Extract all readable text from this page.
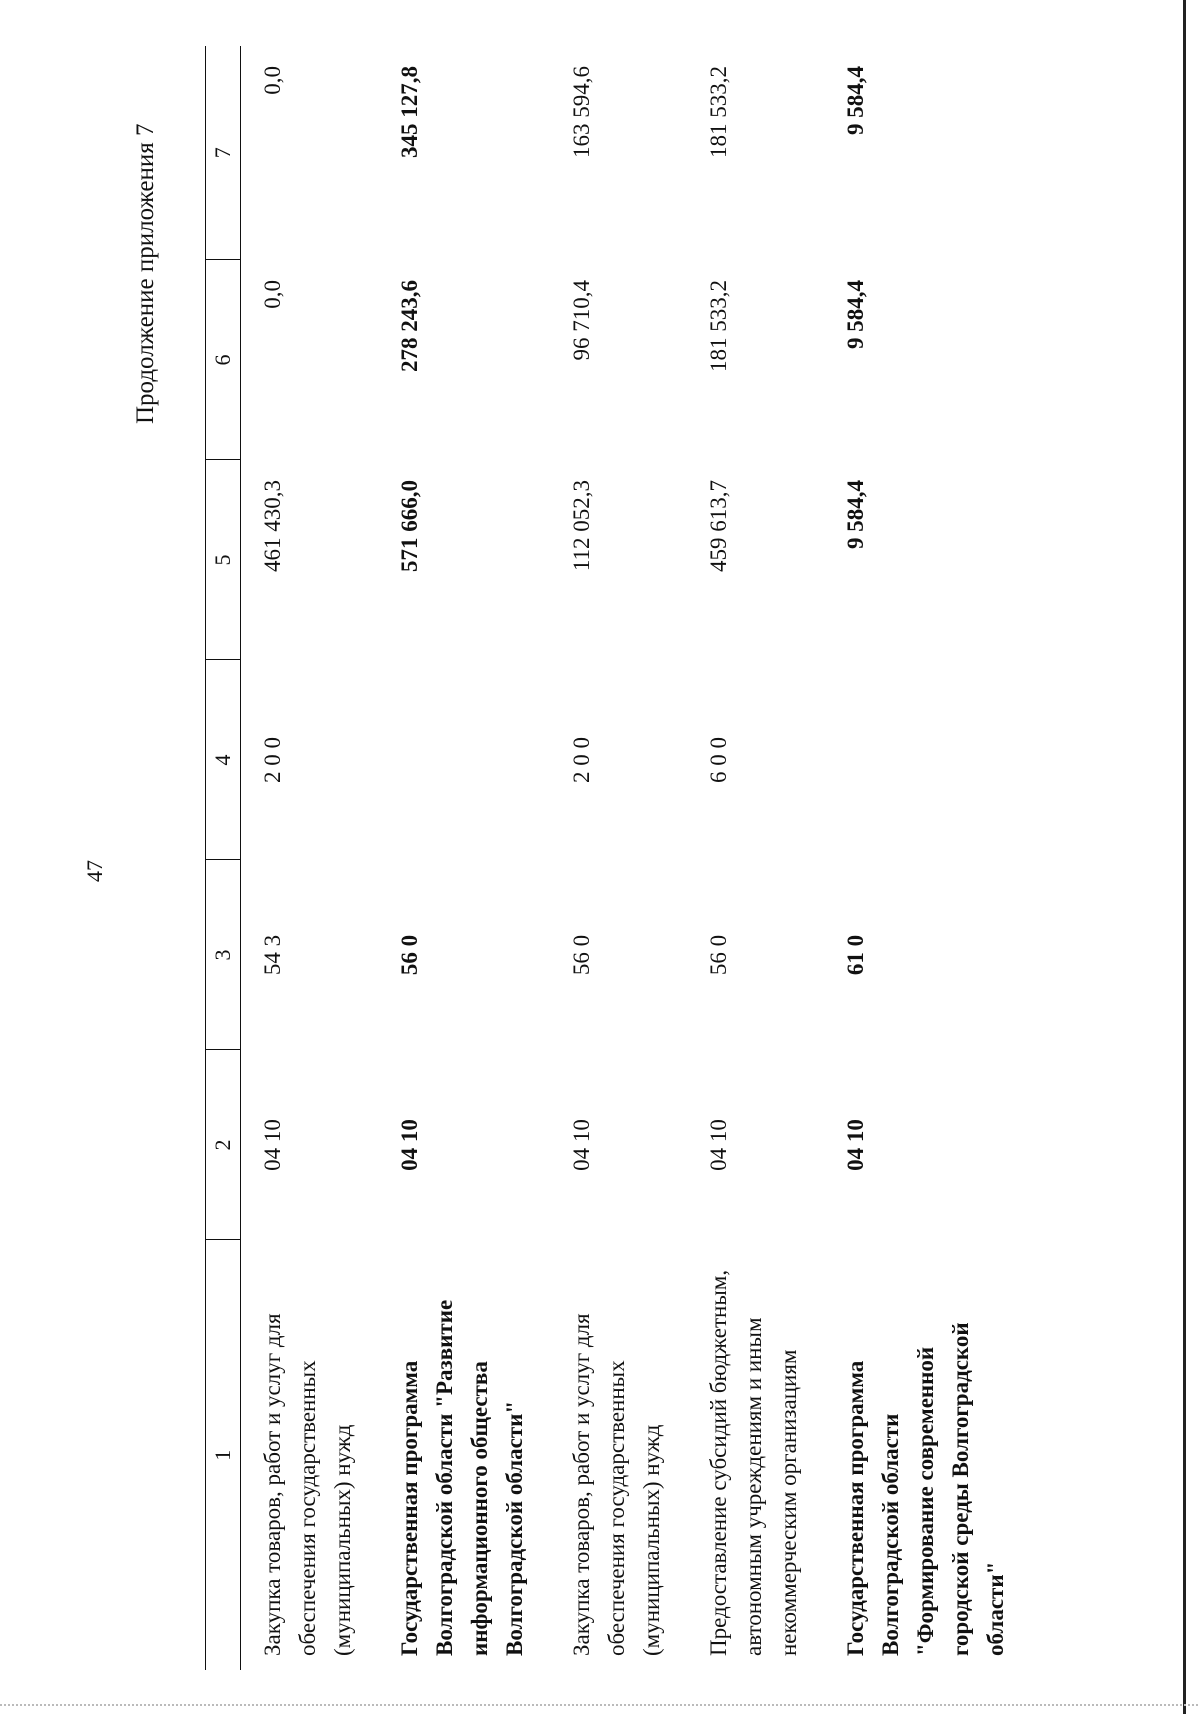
47
Продолжение приложения 7
1	2	3	4	5	6	7
Закупка товаров, работ и услуг для обеспечения государственных (муниципальных) нужд	04 10	54 3	2 0 0	461 430,3	0,0	0,0
Государственная программа Волгоградской области "Развитие информационного общества Волгоградской области"	04 10	56 0		571 666,0	278 243,6	345 127,8
Закупка товаров, работ и услуг для обеспечения государственных (муниципальных) нужд	04 10	56 0	2 0 0	112 052,3	96 710,4	163 594,6
Предоставление субсидий бюджетным, автономным учреждениям и иным некоммерческим организациям	04 10	56 0	6 0 0	459 613,7	181 533,2	181 533,2
Государственная программа Волгоградской области "Формирование современной городской среды Волгоградской области"	04 10	61 0		9 584,4	9 584,4	9 584,4
